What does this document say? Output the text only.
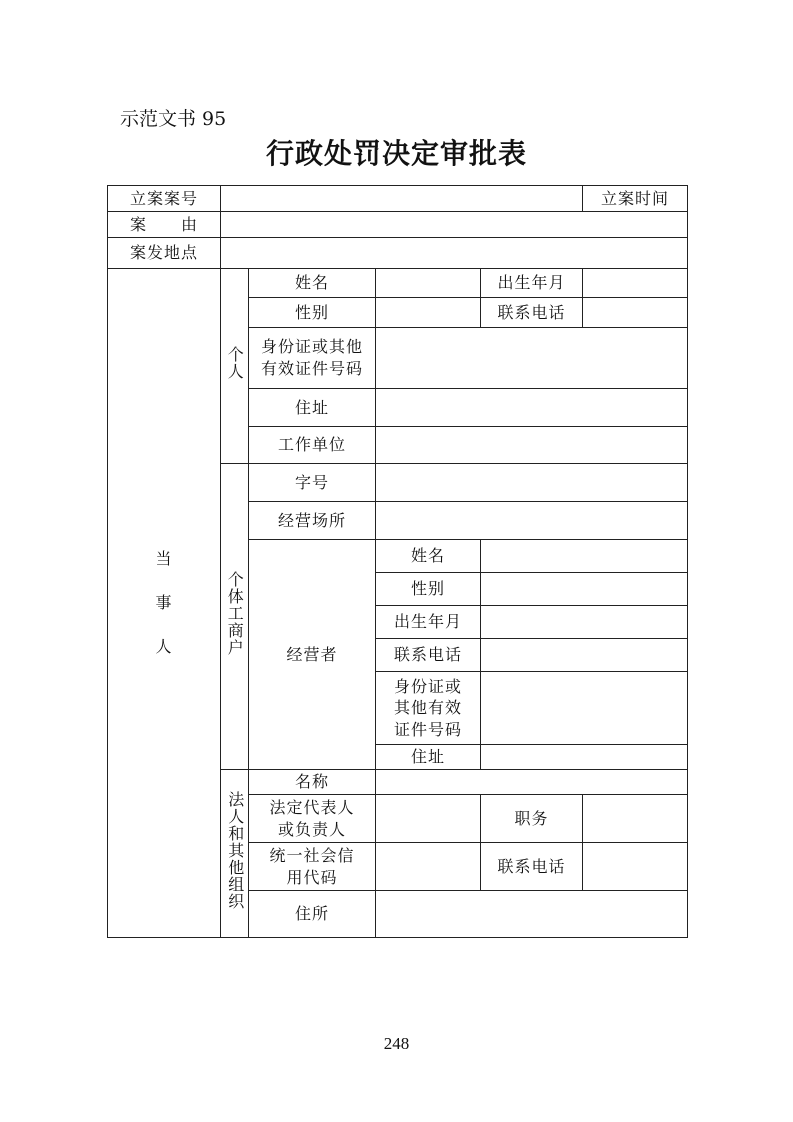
示范文书 95
行政处罚决定审批表
立案案号					立案时间
案　　由					
案发地点					
当事人	个人	姓名		出生年月	
		性别		联系电话	
		身份证或其他有效证件号码			
		住址			
		工作单位			
	个体工商户	字号			
		经营场所			
		经营者	姓名		
			性别		
			出生年月		
			联系电话		
			身份证或其他有效证件号码		
			住址		
	法人和其他组织	名称			
		法定代表人或负责人		职务	

		统一社会信用代码		联系电话	

		住所			

248
